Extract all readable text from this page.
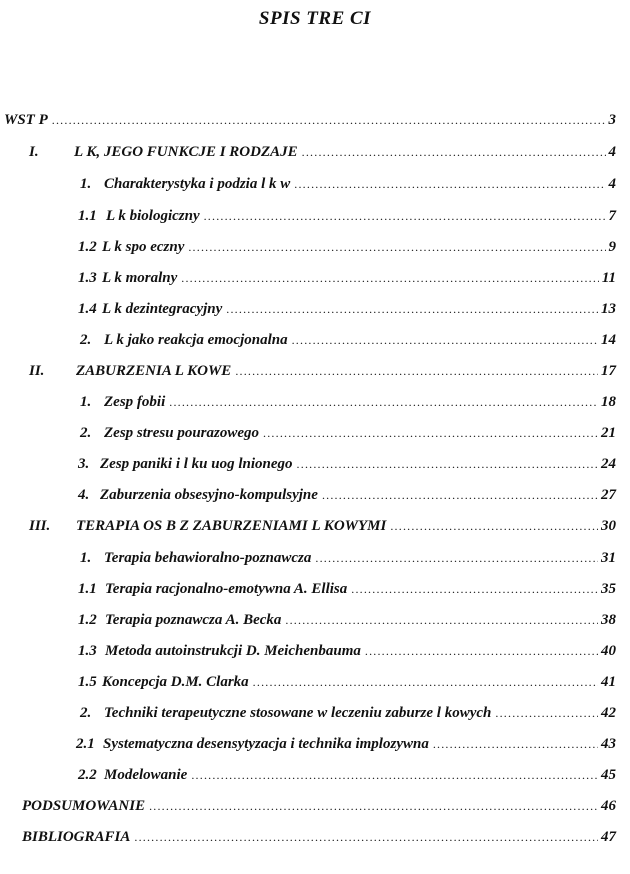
SPIS TRE CI
WST P .....	3
I.	L K, JEGO FUNKCJE I RODZAJE .....	4
1. Charakterystyka i podzia l k w .....	4
1.1 L k biologiczny .....	7
1.2 L k spo eczny .....	9
1.3 L k moralny .....	11
1.4 L k dezintegracyjny .....	13
2. L k jako reakcja emocjonalna .....	14
II.	ZABURZENIA L KOWE .....	17
1. Zesp fobii .....	18
2. Zesp stresu pourazowego .....	21
3. Zesp paniki i l ku uog lnionego .....	24
4. Zaburzenia obsesyjno-kompulsyjne .....	27
III.	TERAPIA OS B Z ZABURZENIAMI L KOWYMI .....	30
1. Terapia behawioralno-poznawcza .....	31
1.1 Terapia racjonalno-emotywna A. Ellisa .....	35
1.2 Terapia poznawcza A. Becka .....	38
1.3 Metoda autoinstrukcji D. Meichenbauma .....	40
1.5 Koncepcja D.M. Clarka .....	41
2. Techniki terapeutyczne stosowane w leczeniu zaburze l kowych .....	42
2.1 Systematyczna desensytyzacja i technika implozywna .....	43
2.2 Modelowanie .....	45
PODSUMOWANIE .....	46
BIBLIOGRAFIA .....	47
